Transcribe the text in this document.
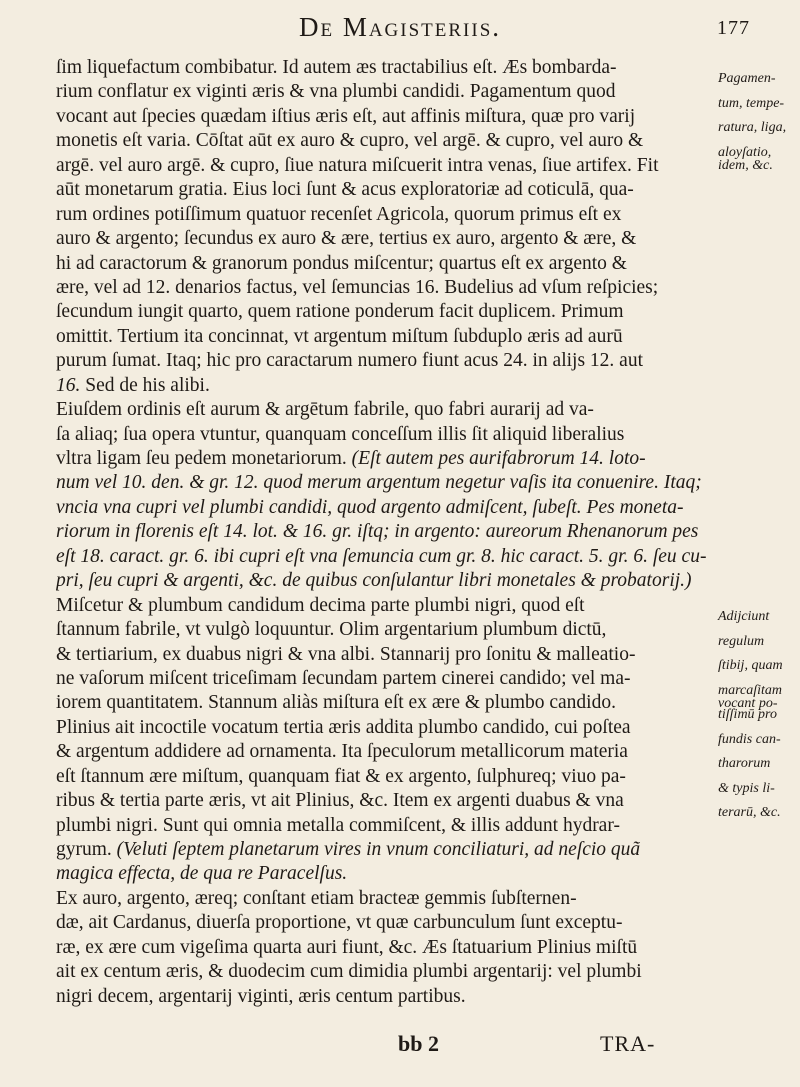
De Magisteriis.	177
ſim liquefactum combibatur. Id autem æs tractabilius eſt. Æs bombarda-
rium conflatur ex viginti æris & vna plumbi candidi. Pagamentum quod
vocant aut ſpecies quædam iſtius æris eſt, aut affinis miſtura, quæ pro varij
monetis eſt varia. Cōſtat aūt ex auro & cupro, vel argē. & cupro, vel auro &
argē. vel auro argē. & cupro, ſiue natura miſcuerit intra venas, ſiue artifex. Fit
aūt monetarum gratia. Eius loci ſunt & acus exploratoriæ ad coticulā, qua-
rum ordines potiſſimum quatuor recenſet Agricola, quorum primus eſt ex
auro & argento; ſecundus ex auro & ære, tertius ex auro, argento & ære, &
hi ad caractorum & granorum pondus miſcentur; quartus eſt ex argento &
ære, vel ad 12. denarios factus, vel ſemuncias 16. Budelius ad vſum reſpicies;
ſecundum iungit quarto, quem ratione ponderum facit duplicem. Primum
omittit. Tertium ita concinnat, vt argentum miſtum ſubduplo æris ad aurū
purum ſumat. Itaq; hic pro caractarum numero fiunt acus 24. in alijs 12. aut
16. Sed de his alibi.
Eiuſdem ordinis eſt aurum & argētum fabrile, quo fabri aurarij ad va-
ſa aliaq; ſua opera vtuntur, quanquam conceſſum illis ſit aliquid liberalius
vltra ligam ſeu pedem monetariorum. (Eſt autem pes aurifabrorum 14. loto-
num vel 10. den. & gr. 12. quod merum argentum negetur vaſis ita conuenire. Itaq;
vncia vna cupri vel plumbi candidi, quod argento admiſcent, ſubeſt. Pes moneta-
riorum in florenis eſt 14. lot. & 16. gr. iſtq; in argento: aureorum Rhenanorum pes
eſt 18. caract. gr. 6. ibi cupri eſt vna ſemuncia cum gr. 8. hic caract. 5. gr. 6. ſeu cu-
pri, ſeu cupri & argenti, &c. de quibus conſulantur libri monetales & probatorij.)
Miſcetur & plumbum candidum decima parte plumbi nigri, quod eſt
ſtannum fabrile, vt vulgò loquuntur. Olim argentarium plumbum dictū,
& tertiarium, ex duabus nigri & vna albi. Stannarij pro ſonitu & malleatio-
ne vaſorum miſcent triceſimam ſecundam partem cinerei candido; vel ma-
iorem quantitatem. Stannum aliàs miſtura eſt ex ære & plumbo candido.
Plinius ait incoctile vocatum tertia æris addita plumbo candido, cui poſtea
& argentum addidere ad ornamenta. Ita ſpeculorum metallicorum materia
eſt ſtannum ære miſtum, quanquam fiat & ex argento, ſulphureq; viuo pa-
ribus & tertia parte æris, vt ait Plinius, &c. Item ex argenti duabus & vna
plumbi nigri. Sunt qui omnia metalla commiſcent, & illis addunt hydrar-
gyrum. (Veluti ſeptem planetarum vires in vnum conciliaturi, ad neſcio quã
magica effecta, de qua re Paracelſus.
Ex auro, argento, æreq; conſtant etiam bracteæ gemmis ſubſternen-
dæ, ait Cardanus, diuerſa proportione, vt quæ carbunculum ſunt exceptu-
ræ, ex ære cum vigeſima quarta auri fiunt, &c. Æs ſtatuarium Plinius miſtū
ait ex centum æris, & duodecim cum dimidia plumbi argentarij: vel plumbi
nigri decem, argentarij viginti, æris centum partibus.
Pagamen-
tum, tempe-
ratura, liga,
aloyſatio, idem, &c.
Adijciunt
regulum
ſtibij, quam
marcaſitam vocant po-
tiſſimū pro
fundis can-
tharorum
& typis li-
terarū, &c.
bb 2	TRA-
